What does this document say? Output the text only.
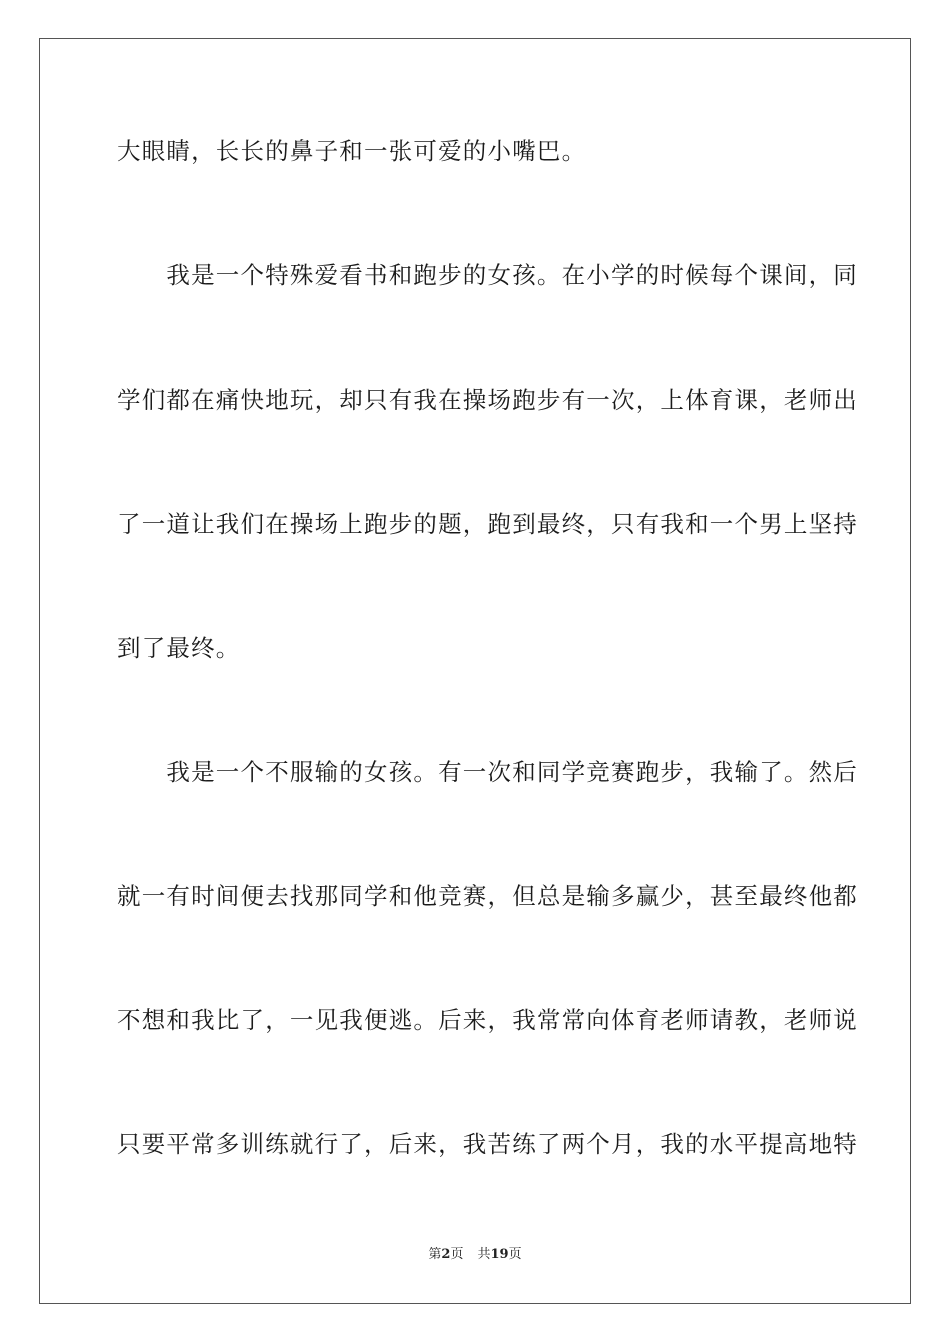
大眼睛，长长的鼻子和一张可爱的小嘴巴。
　　我是一个特殊爱看书和跑步的女孩。在小学的时候每个课间，同
学们都在痛快地玩，却只有我在操场跑步有一次，上体育课，老师出
了一道让我们在操场上跑步的题，跑到最终，只有我和一个男上坚持
到了最终。
　　我是一个不服输的女孩。有一次和同学竞赛跑步，我输了。然后
就一有时间便去找那同学和他竞赛，但总是输多赢少，甚至最终他都
不想和我比了，一见我便逃。后来，我常常向体育老师请教，老师说
只要平常多训练就行了，后来，我苦练了两个月，我的水平提高地特
第2页 共19页
